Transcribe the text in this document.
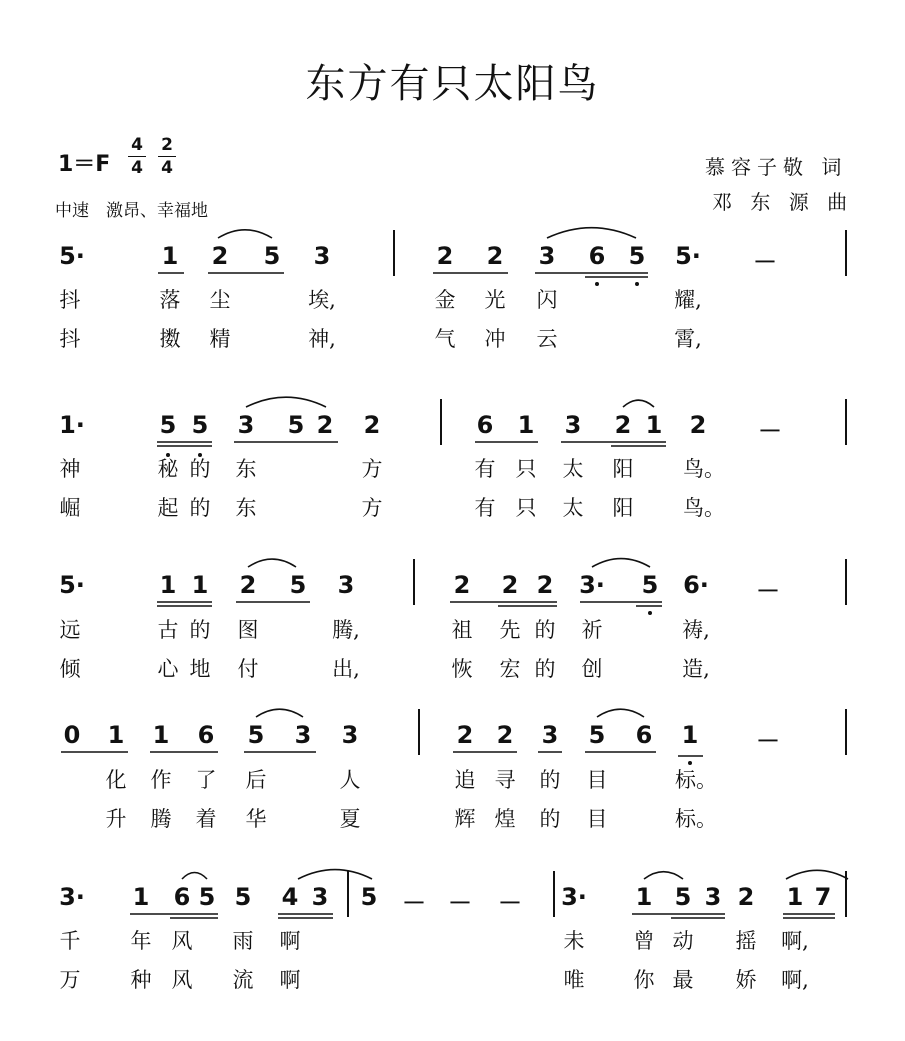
东方有只太阳鸟
1＝F
4
4
2
4
中速　激昂、幸福地
慕容子敬 词
邓 东 源 曲
5·	1 2 5 3	2 2 3 6 5 5· －
抖	落 尘	埃,	金 光 闪	耀,
抖	擞 精	神,	气 冲 云	霄,
1·	5 5 3 5 2 2	6 1 3 2 1 2 －
神	秘 的 东	方	有 只 太 阳 鸟。
崛	起 的 东	方	有 只 太 阳 鸟。
5·	1 1 2 5 3	2 2 2 3· 5 6· －
远	古 的 图	腾,	祖 先 的 祈	祷,
倾	心 地 付	出,	恢 宏 的 创	造,
0 1 1 6 5 3 3	2 2 3 5 6 1 －
化 作 了 后	人	追 寻 的 目	标。
升 腾 着 华	夏	辉 煌 的 目	标。
3· 1 6 5 5 4 3 5 － － － 3· 1 5 3 2 1 7
千 年 风 雨 啊	未 曾 动 摇 啊,
万 种 风 流 啊	唯 你 最 娇 啊,
